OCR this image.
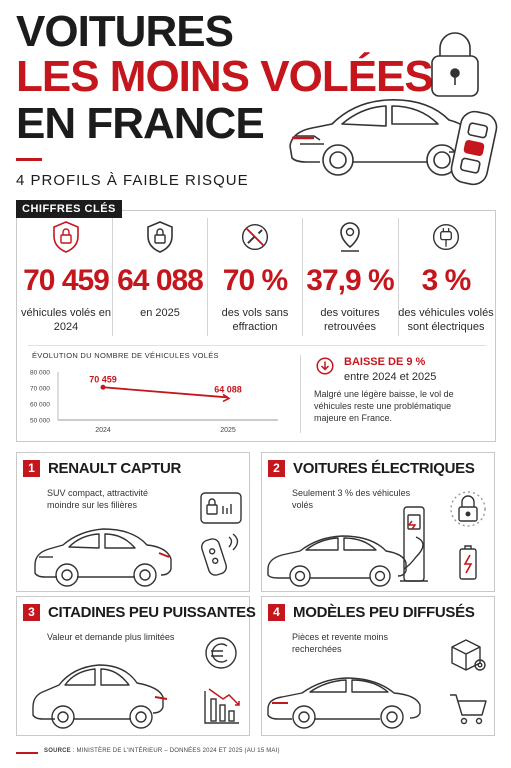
VOITURES
LES MOINS VOLÉES
EN FRANCE
4 PROFILS À FAIBLE RISQUE
CHIFFRES CLÉS
70 459
véhicules volés en 2024
64 088
en 2025
70 %
des vols sans effraction
37,9 %
des voitures retrouvées
3 %
des véhicules volés sont électriques
ÉVOLUTION DU NOMBRE DE VÉHICULES VOLÉS
80 000
70 000
60 000
50 000
70 459
64 088
2024	2025
BAISSE DE 9 %
entre 2024 et 2025
Malgré une légère baisse, le vol de véhicules reste une problématique majeure en France.
1 RENAULT CAPTUR
SUV compact, attractivité moindre sur les filières
2 VOITURES ÉLECTRIQUES
Seulement 3 % des véhicules volés
3 CITADINES PEU PUISSANTES
Valeur et demande plus limitées
4 MODÈLES PEU DIFFUSÉS
Pièces et revente moins recherchées
SOURCE : MINISTÈRE DE L'INTÉRIEUR – DONNÉES 2024 ET 2025 (AU 15 MAI)
